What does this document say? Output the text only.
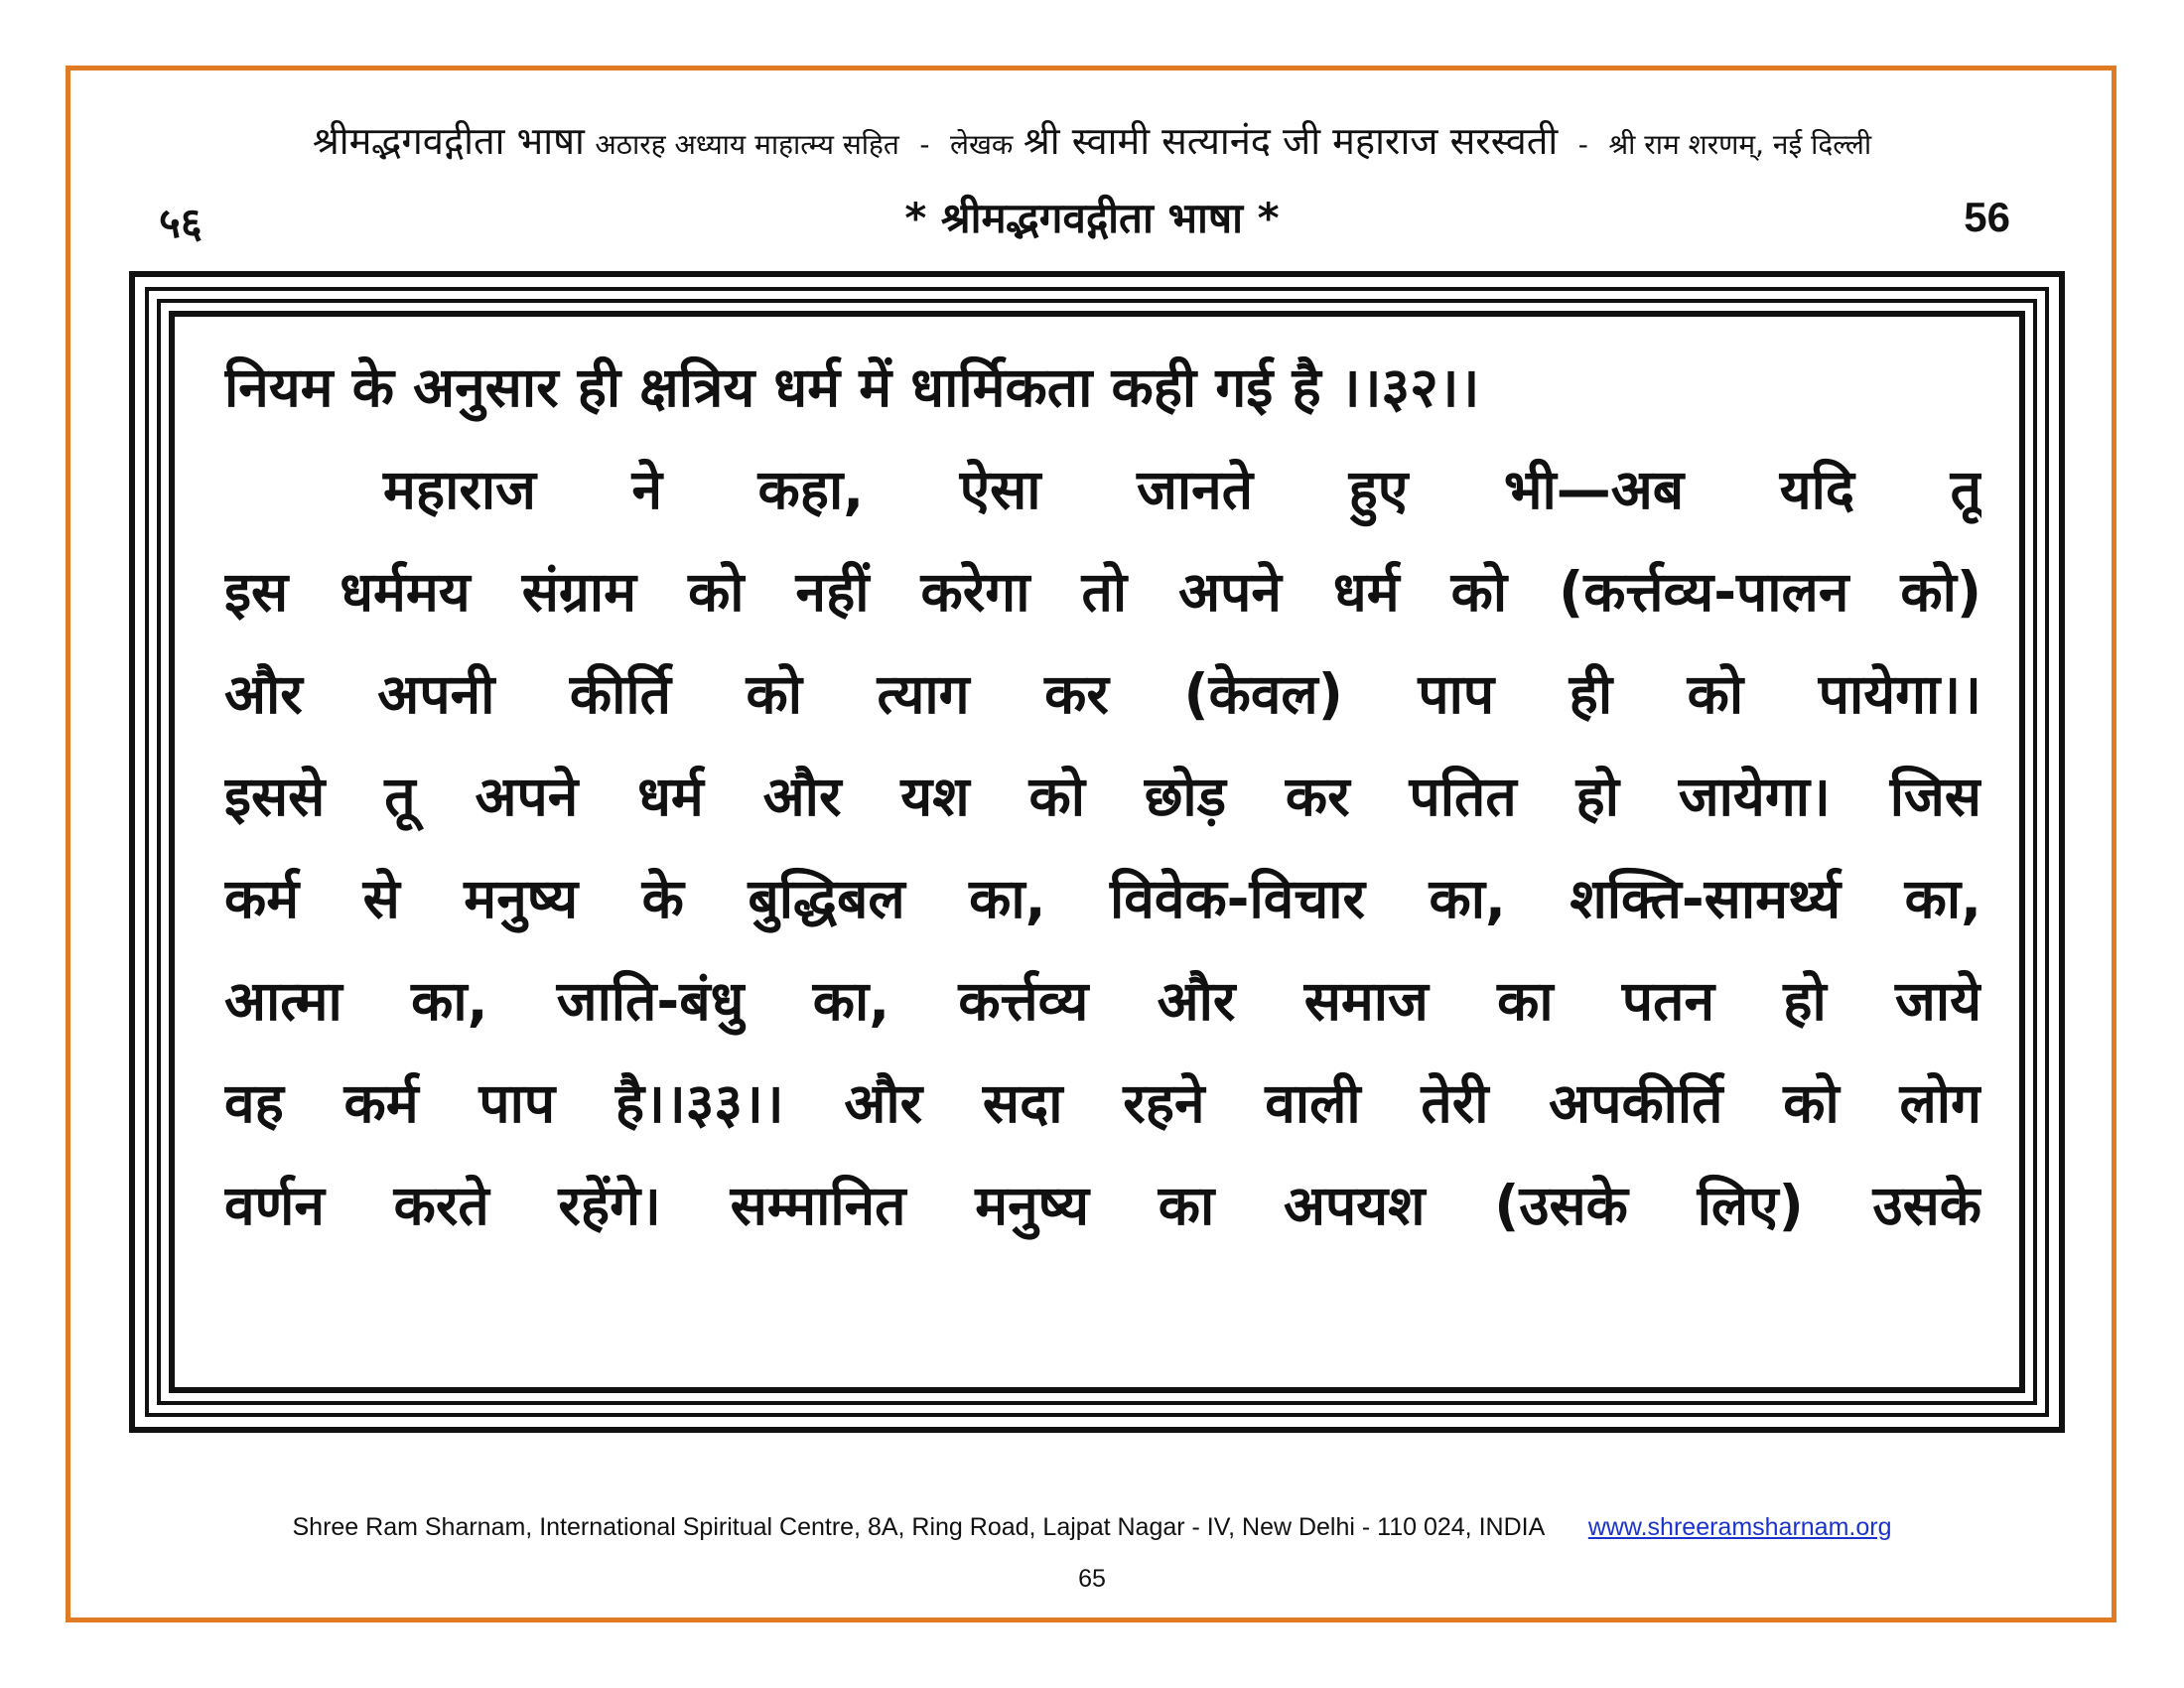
श्रीमद्भगवद्गीता भाषा अठारह अध्याय माहात्म्य सहित - लेखक श्री स्वामी सत्यानंद जी महाराज सरस्वती - श्री राम शरणम्, नई दिल्ली
५६	* श्रीमद्भगवद्गीता भाषा *	56
नियम के अनुसार ही क्षत्रिय धर्म में धार्मिकता कही गई है ।।३२।।
महाराज ने कहा, ऐसा जानते हुए भी—अब यदि तू
इस धर्ममय संग्राम को नहीं करेगा तो अपने धर्म को (कर्त्तव्य-पालन को)
और अपनी कीर्ति को त्याग कर (केवल) पाप ही को पायेगा।।
इससे तू अपने धर्म और यश को छोड़ कर पतित हो जायेगा। जिस
कर्म से मनुष्य के बुद्धिबल का, विवेक-विचार का, शक्ति-सामर्थ्य का,
आत्मा का, जाति-बंधु का, कर्त्तव्य और समाज का पतन हो जाये
वह कर्म पाप है।।३३।। और सदा रहने वाली तेरी अपकीर्ति को लोग
वर्णन करते रहेंगे। सम्मानित मनुष्य का अपयश (उसके लिए) उसके
Shree Ram Sharnam, International Spiritual Centre, 8A, Ring Road, Lajpat Nagar - IV, New Delhi - 110 024, INDIA www.shreeramsharnam.org
65
